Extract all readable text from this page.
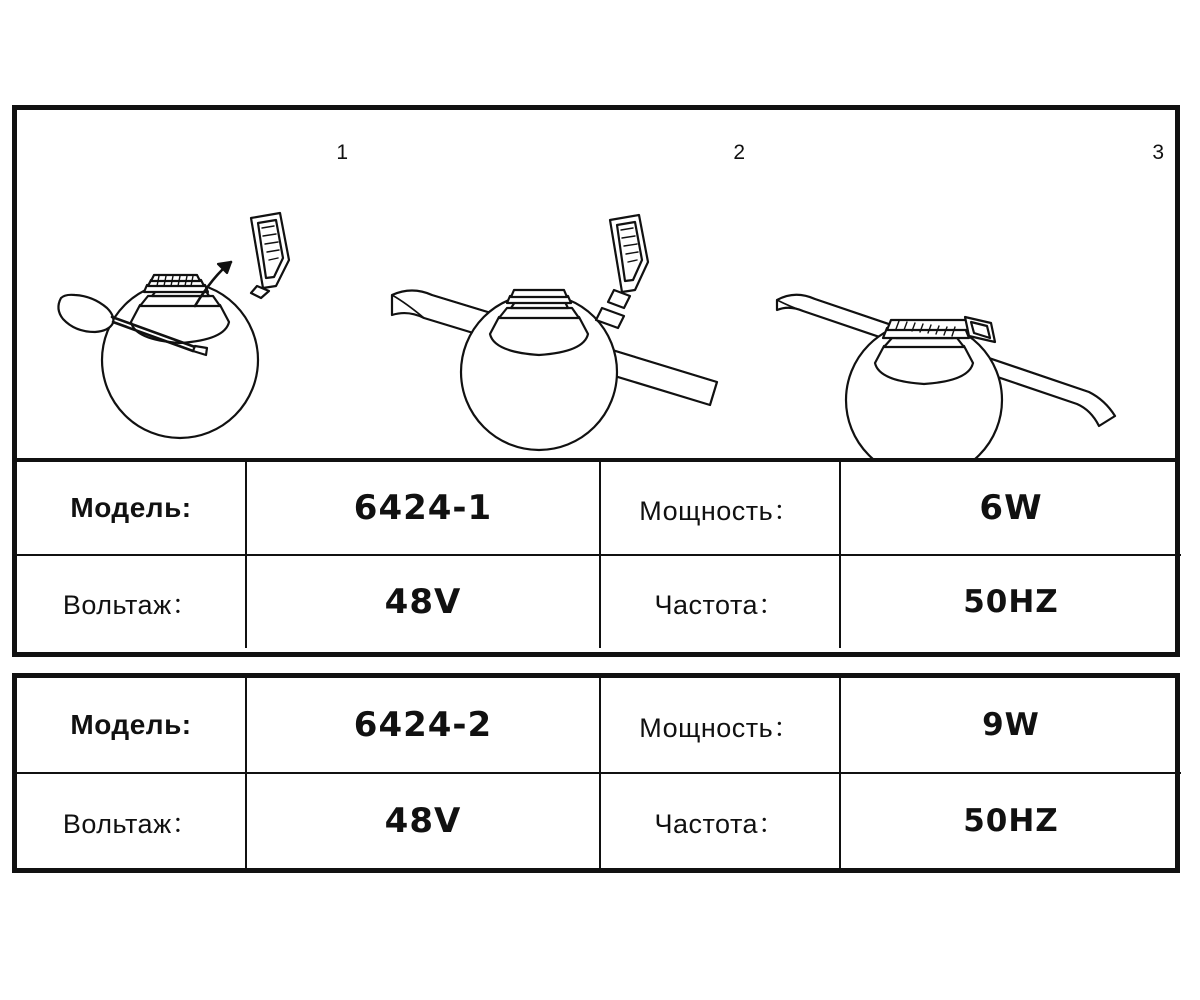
1	2	3
Модель:	6424-1	Мощность：	6W
Вольтаж：	48V	Частота：	50HZ
Модель:	6424-2	Мощность：	9W
Вольтаж：	48V	Частота：	50HZ
